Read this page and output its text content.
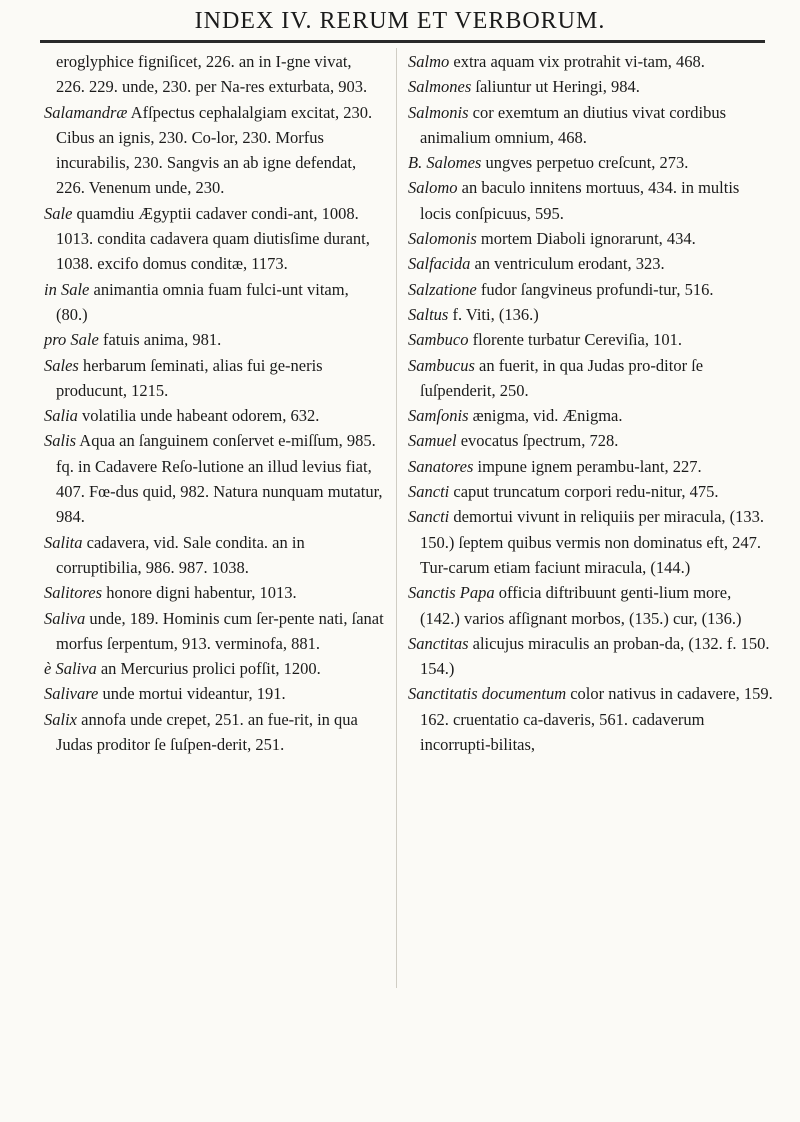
INDEX IV. RERUM ET VERBORUM.

eroglyphice figniſicet, 226. an in I-gne vivat, 226. 229. unde, 230. per Na-res exturbata, 903.

Salamandræ Afſpectus cephalalgiam excitat, 230. Cibus an ignis, 230. Co-lor, 230. Morfus incurabilis, 230. Sangvis an ab igne defendat, 226. Venenum unde, 230.

Sale quamdiu Ægyptii cadaver condi-ant, 1008. 1013. condita cadavera quam diutisſime durant, 1038. excifo domus conditæ, 1173.

in Sale animantia omnia fuam fulci-unt vitam, (80.)

pro Sale fatuis anima, 981.

Sales herbarum ſeminati, alias fui ge-neris producunt, 1215.

Salia volatilia unde habeant odorem, 632.

Salis Aqua an ſanguinem conſervet e-miſſum, 985. fq. in Cadavere Reſo-lutione an illud levius fiat, 407. Fœ-dus quid, 982. Natura nunquam mutatur, 984.

Salita cadavera, vid. Sale condita. an in corruptibilia, 986. 987. 1038.

Salitores honore digni habentur, 1013.

Saliva unde, 189. Hominis cum ſer-pente nati, ſanat morfus ſerpentum, 913. verminofa, 881.

è Saliva an Mercurius prolici pofſit, 1200.

Salivare unde mortui videantur, 191.

Salix annofa unde crepet, 251. an fue-rit, in qua Judas proditor ſe ſuſpen-derit, 251.

Salmo extra aquam vix protrahit vi-tam, 468.

Salmones ſaliuntur ut Heringi, 984.

Salmonis cor exemtum an diutius vivat cordibus animalium omnium, 468.

B. Salomes ungves perpetuo creſcunt, 273.

Salomo an baculo innitens mortuus, 434. in multis locis conſpicuus, 595.

Salomonis mortem Diaboli ignorarunt, 434.

Salfacida an ventriculum erodant, 323.

Salzatione fudor ſangvineus profundi-tur, 516.

Saltus f. Viti, (136.)

Sambuco florente turbatur Cereviſia, 101.

Sambucus an fuerit, in qua Judas pro-ditor ſe ſuſpenderit, 250.

Samſonis ænigma, vid. Ænigma.

Samuel evocatus ſpectrum, 728.

Sanatores impune ignem perambu-lant, 227.

Sancti caput truncatum corpori redu-nitur, 475.

Sancti demortui vivunt in reliquiis per miracula, (133. 150.) ſeptem quibus vermis non dominatus eft, 247. Tur-carum etiam faciunt miracula, (144.)

Sanctis Papa officia diftribuunt genti-lium more, (142.) varios afſignant morbos, (135.) cur, (136.)

Sanctitas alicujus miraculis an proban-da, (132. f. 150. 154.)

Sanctitatis documentum color nativus in cadavere, 159. 162. cruentatio ca-daveris, 561. cadaverum incorrupti-bilitas,
